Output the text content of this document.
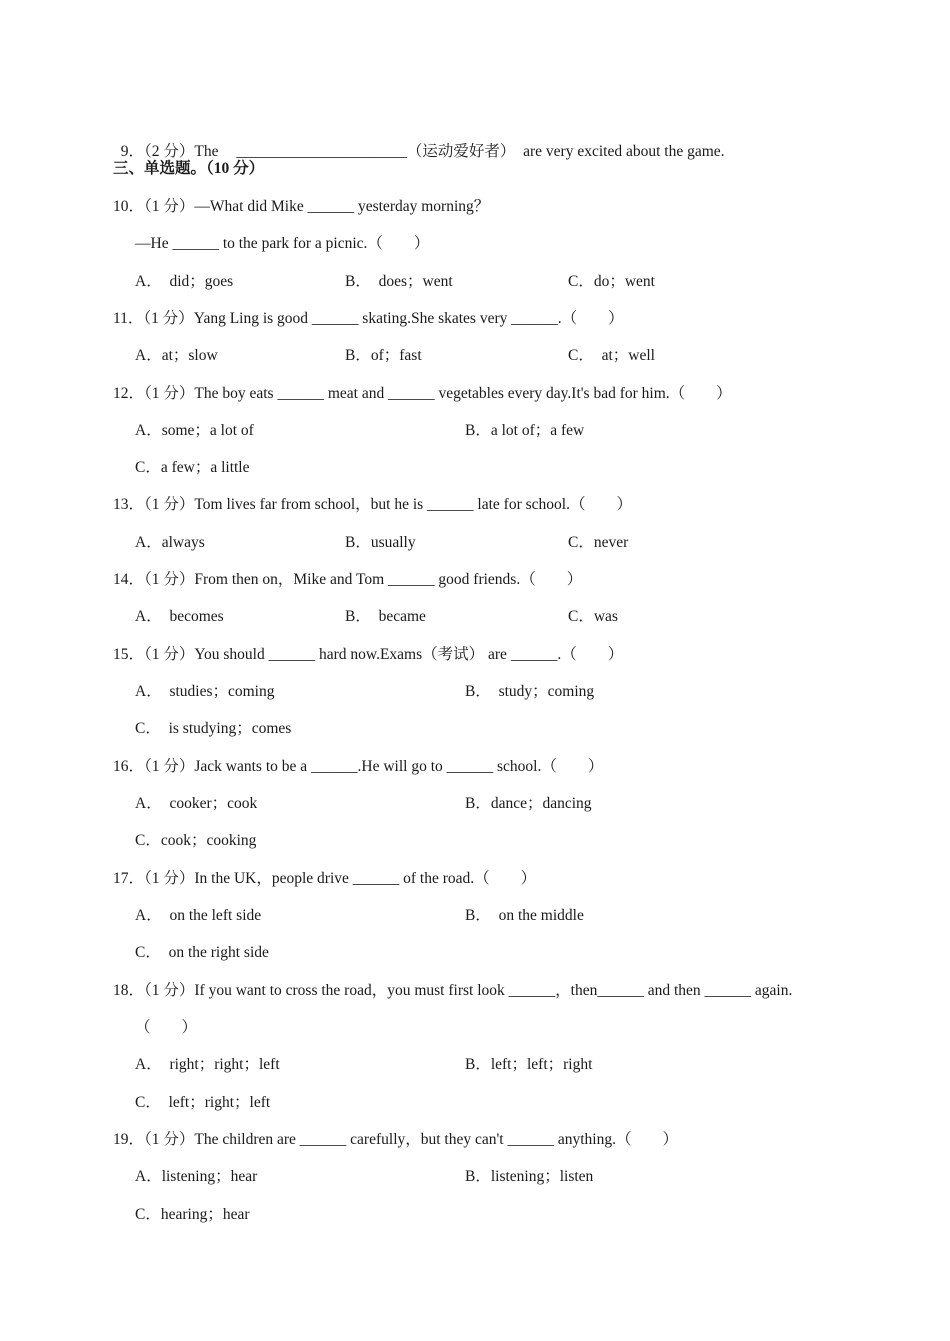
9．（2 分）The ______________________（运动爱好者）  are very excited about the game.

三、单选题。（10 分）
10．（1 分）—What did Mike ______ yesterday morning？
—He ______ to the park for a picnic.（　　）
A．  did；goes	B．  does；went	C．do；went
11．（1 分）Yang Ling is good ______ skating.She skates very ______.（　　）
A．at；slow	B．of；fast	C．  at；well
12．（1 分）The boy eats ______ meat and ______ vegetables every day.It's bad for him.（　　）
A．some；a lot of	B．a lot of；a few
C．a few；a little
13．（1 分）Tom lives far from school，but he is ______ late for school.（　　）
A．always	B．usually	C．never
14．（1 分）From then on，Mike and Tom ______ good friends.（　　）
A．  becomes	B．  became	C．was
15．（1 分）You should ______ hard now.Exams（考试） are ______.（　　）
A．  studies；coming	B．  study；coming
C．  is studying；comes
16．（1 分）Jack wants to be a ______.He will go to ______ school.（　　）
A．  cooker；cook	B．dance；dancing
C．cook；cooking
17．（1 分）In the UK，people drive ______ of the road.（　　）
A．  on the left side	B．  on the middle
C．  on the right side
18．（1 分）If you want to cross the road，you must first look ______，then______ and then ______ again.
（　　）
A．  right；right；left	B．left；left；right
C．  left；right；left
19．（1 分）The children are ______ carefully，but they can't ______ anything.（　　）
A．listening；hear	B．listening；listen
C．hearing；hear
